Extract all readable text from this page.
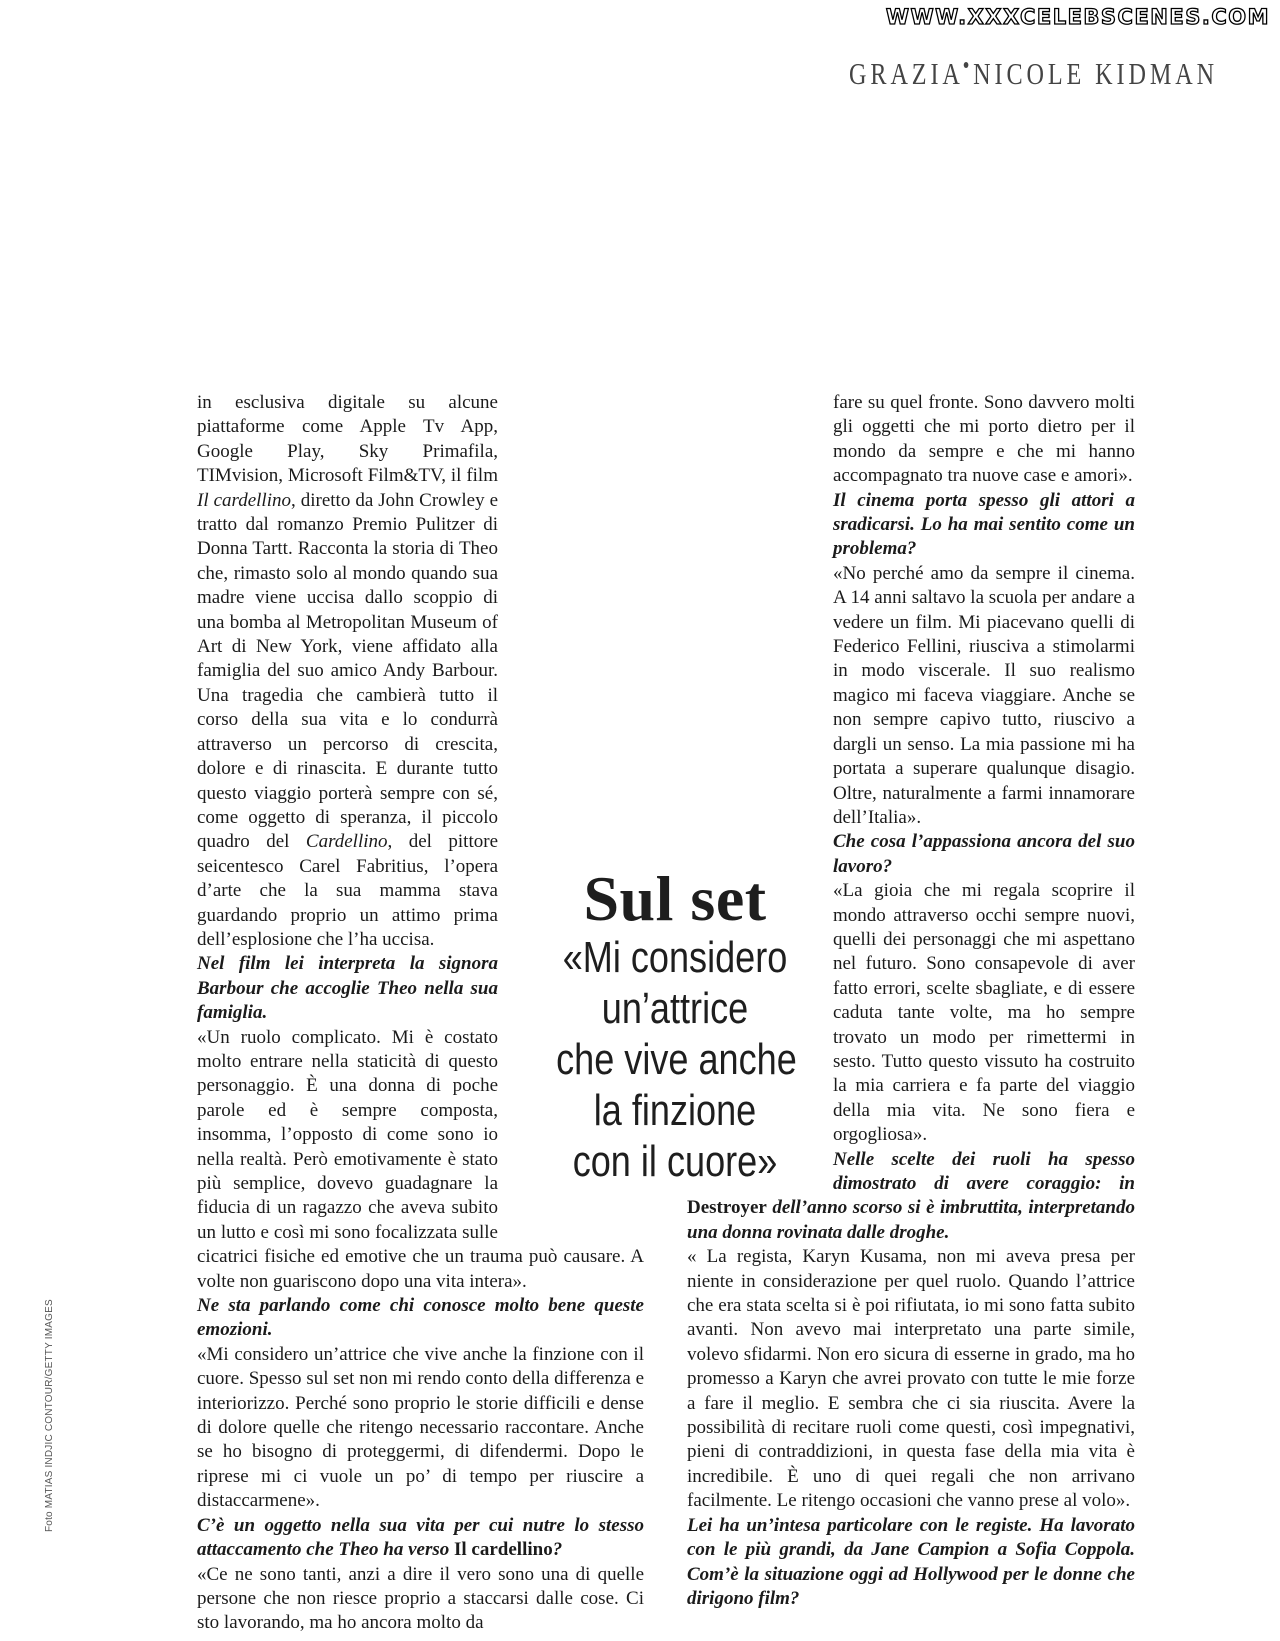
WWW.XXXCELEBSCENES.COM
GRAZIA NICOLE KIDMAN
Foto MATIAS INDJIC CONTOUR/GETTY IMAGES

in esclusiva digitale su alcune piattaforme come Apple Tv App, Google Play, Sky Primafila, TIMvision, Microsoft Film&TV, il film Il cardellino, diretto da John Crowley e tratto dal romanzo Premio Pulitzer di Donna Tartt. Racconta la storia di Theo che, rimasto solo al mondo quando sua madre viene uccisa dallo scoppio di una bomba al Metropolitan Museum of Art di New York, viene affidato alla famiglia del suo amico Andy Barbour. Una tragedia che cambierà tutto il corso della sua vita e lo condurrà attraverso un percorso di crescita, dolore e di rinascita. E durante tutto questo viaggio porterà sempre con sé, come oggetto di speranza, il piccolo quadro del Cardellino, del pittore seicentesco Carel Fabritius, l’opera d’arte che la sua mamma stava guardando proprio un attimo prima dell’esplosione che l’ha uccisa.

Nel film lei interpreta la signora Barbour che accoglie Theo nella sua famiglia.

«Un ruolo complicato. Mi è costato molto entrare nella staticità di questo personaggio. È una donna di poche parole ed è sempre composta, insomma, l’opposto di come sono io nella realtà. Però emotivamente è stato più semplice, dovevo guadagnare la fiducia di un ragazzo che aveva subito un lutto e così mi sono focalizzata sulle cicatrici fisiche ed emotive che un trauma può causare. A volte non guariscono dopo una vita intera».

Ne sta parlando come chi conosce molto bene queste emozioni.

«Mi considero un’attrice che vive anche la finzione con il cuore. Spesso sul set non mi rendo conto della differenza e interiorizzo. Perché sono proprio le storie difficili e dense di dolore quelle che ritengo necessario raccontare. Anche se ho bisogno di proteggermi, di difendermi. Dopo le riprese mi ci vuole un po’ di tempo per riuscire a distaccarmene».

C’è un oggetto nella sua vita per cui nutre lo stesso attaccamento che Theo ha verso Il cardellino?

«Ce ne sono tanti, anzi a dire il vero sono una di quelle persone che non riesce proprio a staccarsi dalle cose. Ci sto lavorando, ma ho ancora molto da

Sul set
«Mi considero
un’attrice
che vive anche
la finzione
con il cuore»

fare su quel fronte. Sono davvero molti gli oggetti che mi porto dietro per il mondo da sempre e che mi hanno accompagnato tra nuove case e amori».

Il cinema porta spesso gli attori a sradicarsi. Lo ha mai sentito come un problema?

«No perché amo da sempre il cinema. A 14 anni saltavo la scuola per andare a vedere un film. Mi piacevano quelli di Federico Fellini, riusciva a stimolarmi in modo viscerale. Il suo realismo magico mi faceva viaggiare. Anche se non sempre capivo tutto, riuscivo a dargli un senso. La mia passione mi ha portata a superare qualunque disagio. Oltre, naturalmente a farmi innamorare dell’Italia».

Che cosa l’appassiona ancora del suo lavoro?

«La gioia che mi regala scoprire il mondo attraverso occhi sempre nuovi, quelli dei personaggi che mi aspettano nel futuro. Sono consapevole di aver fatto errori, scelte sbagliate, e di essere caduta tante volte, ma ho sempre trovato un modo per rimettermi in sesto. Tutto questo vissuto ha costruito la mia carriera e fa parte del viaggio della mia vita. Ne sono fiera e orgogliosa».

Nelle scelte dei ruoli ha spesso dimostrato di avere coraggio: in Destroyer dell’anno scorso si è imbruttita, interpretando una donna rovinata dalle droghe.

« La regista, Karyn Kusama, non mi aveva presa per niente in considerazione per quel ruolo. Quando l’attrice che era stata scelta si è poi rifiutata, io mi sono fatta subito avanti. Non avevo mai interpretato una parte simile, volevo sfidarmi. Non ero sicura di esserne in grado, ma ho promesso a Karyn che avrei provato con tutte le mie forze a fare il meglio. E sembra che ci sia riuscita. Avere la possibilità di recitare ruoli come questi, così impegnativi, pieni di contraddizioni, in questa fase della mia vita è incredibile. È uno di quei regali che non arrivano facilmente. Le ritengo occasioni che vanno prese al volo».

Lei ha un’intesa particolare con le registe. Ha lavorato con le più grandi, da Jane Campion a Sofia Coppola. Com’è la situazione oggi ad Hollywood per le donne che dirigono film?
